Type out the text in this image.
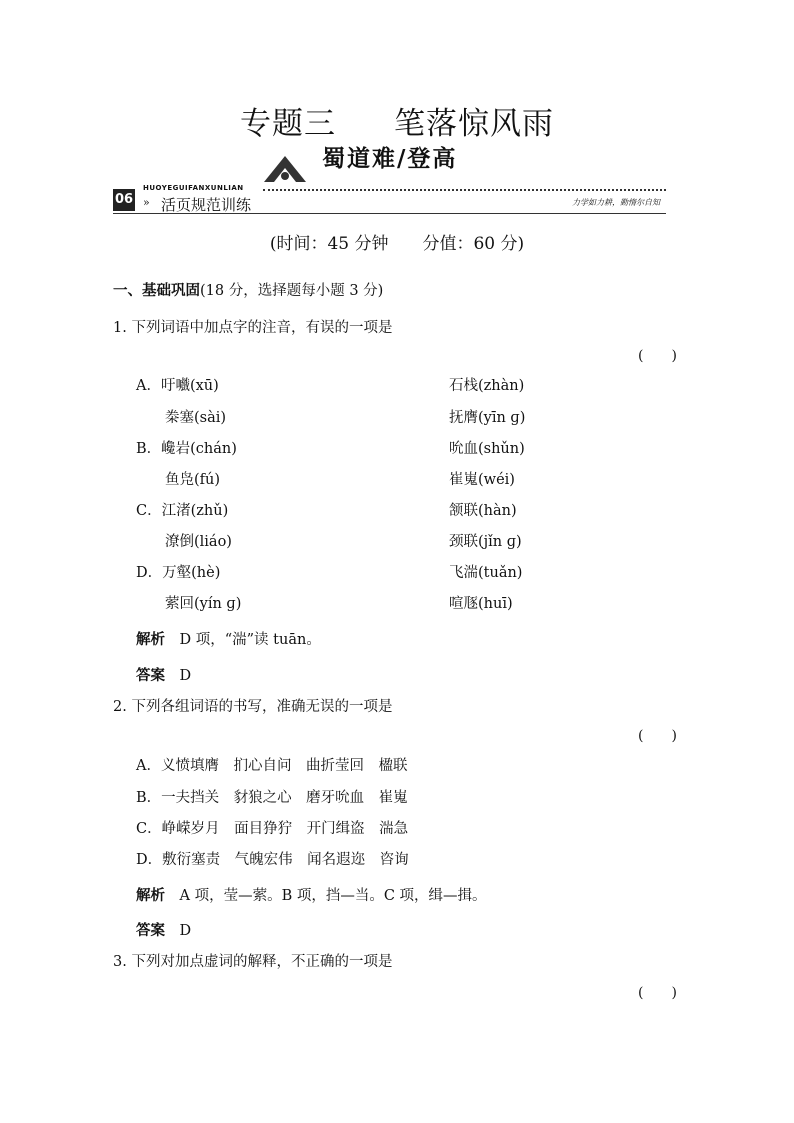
专题三 笔落惊风雨
蜀道难/登高
06
HUOYEGUIFANXUNLIAN
» 活页规范训练	力学如力耕，勤惰尔自知
(时间：45 分钟　　分值：60 分)
一、基础巩固(18 分，选择题每小题 3 分)
1. 下列词语中加点字的注音，有误的一项是
(　　)
A．吁嚱(xū)	石栈(zhàn)
　　桊塞(sài)	抚膺(yīn ɡ)
B．巉岩(chán)	吮血(shǔn)
　　鱼凫(fú)	崔嵬(wéi)
C．江渚(zhǔ)	颔联(hàn)
　　潦倒(liáo)	颈联(jǐn ɡ)
D．万壑(hè)	飞湍(tuǎn)
　　萦回(yín ɡ)	喧豗(huī)
解析　 D 项，“湍”读 tuān。
答案　 D
2. 下列各组词语的书写，准确无误的一项是
(　　)
A．义愤填膺　扪心自问　曲折莹回　楹联
B．一夫挡关　豺狼之心　磨牙吮血　崔嵬
C．峥嵘岁月　面目狰狞　开门缉盗　湍急
D．敷衍塞责　气魄宏伟　闻名遐迩　咨询
解析　 A 项，莹—萦。B 项，挡—当。C 项，缉—揖。
答案　 D
3. 下列对加点虚词的解释，不正确的一项是
(　　)
